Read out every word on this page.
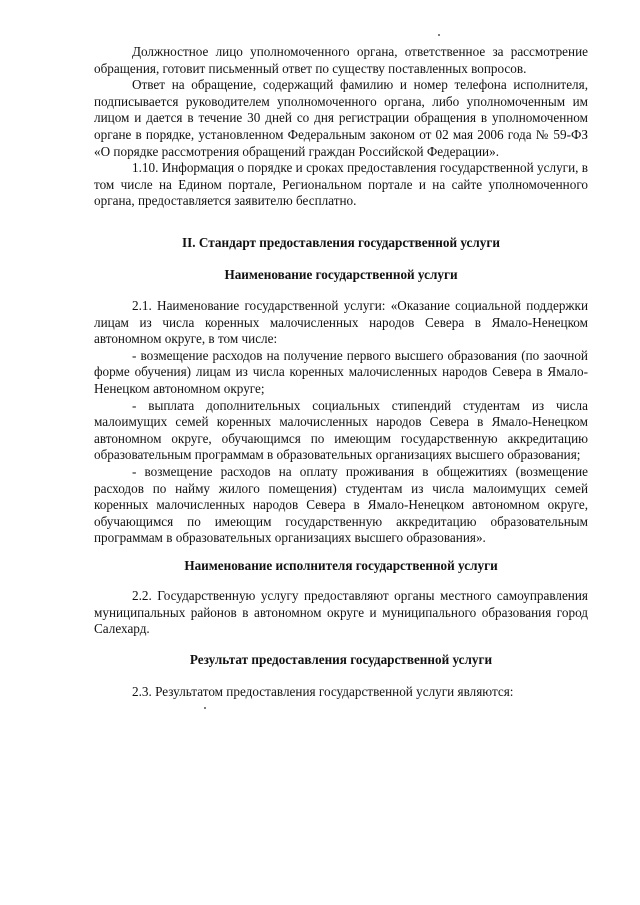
Должностное лицо уполномоченного органа, ответственное за рассмотрение обращения, готовит письменный ответ по существу поставленных вопросов.

Ответ на обращение, содержащий фамилию и номер телефона исполнителя, подписывается руководителем уполномоченного органа, либо уполномоченным им лицом и дается в течение 30 дней со дня регистрации обращения в уполномоченном органе в порядке, установленном Федеральным законом от 02 мая 2006 года № 59-ФЗ «О порядке рассмотрения обращений граждан Российской Федерации».

1.10. Информация о порядке и сроках предоставления государственной услуги, в том числе на Едином портале, Региональном портале и на сайте уполномоченного органа, предоставляется заявителю бесплатно.

II. Стандарт предоставления государственной услуги

Наименование государственной услуги

2.1. Наименование государственной услуги: «Оказание социальной поддержки лицам из числа коренных малочисленных народов Севера в Ямало-Ненецком автономном округе, в том числе:

- возмещение расходов на получение первого высшего образования (по заочной форме обучения) лицам из числа коренных малочисленных народов Севера в Ямало-Ненецком автономном округе;

- выплата дополнительных социальных стипендий студентам из числа малоимущих семей коренных малочисленных народов Севера в Ямало-Ненецком автономном округе, обучающимся по имеющим государственную аккредитацию образовательным программам в образовательных организациях высшего образования;

- возмещение расходов на оплату проживания в общежитиях (возмещение расходов по найму жилого помещения) студентам из числа малоимущих семей коренных малочисленных народов Севера в Ямало-Ненецком автономном округе, обучающимся по имеющим государственную аккредитацию образовательным программам в образовательных организациях высшего образования».

Наименование исполнителя государственной услуги

2.2. Государственную услугу предоставляют органы местного самоуправления муниципальных районов в автономном округе и муниципального образования город Салехард.

Результат предоставления государственной услуги

2.3. Результатом предоставления государственной услуги являются:
